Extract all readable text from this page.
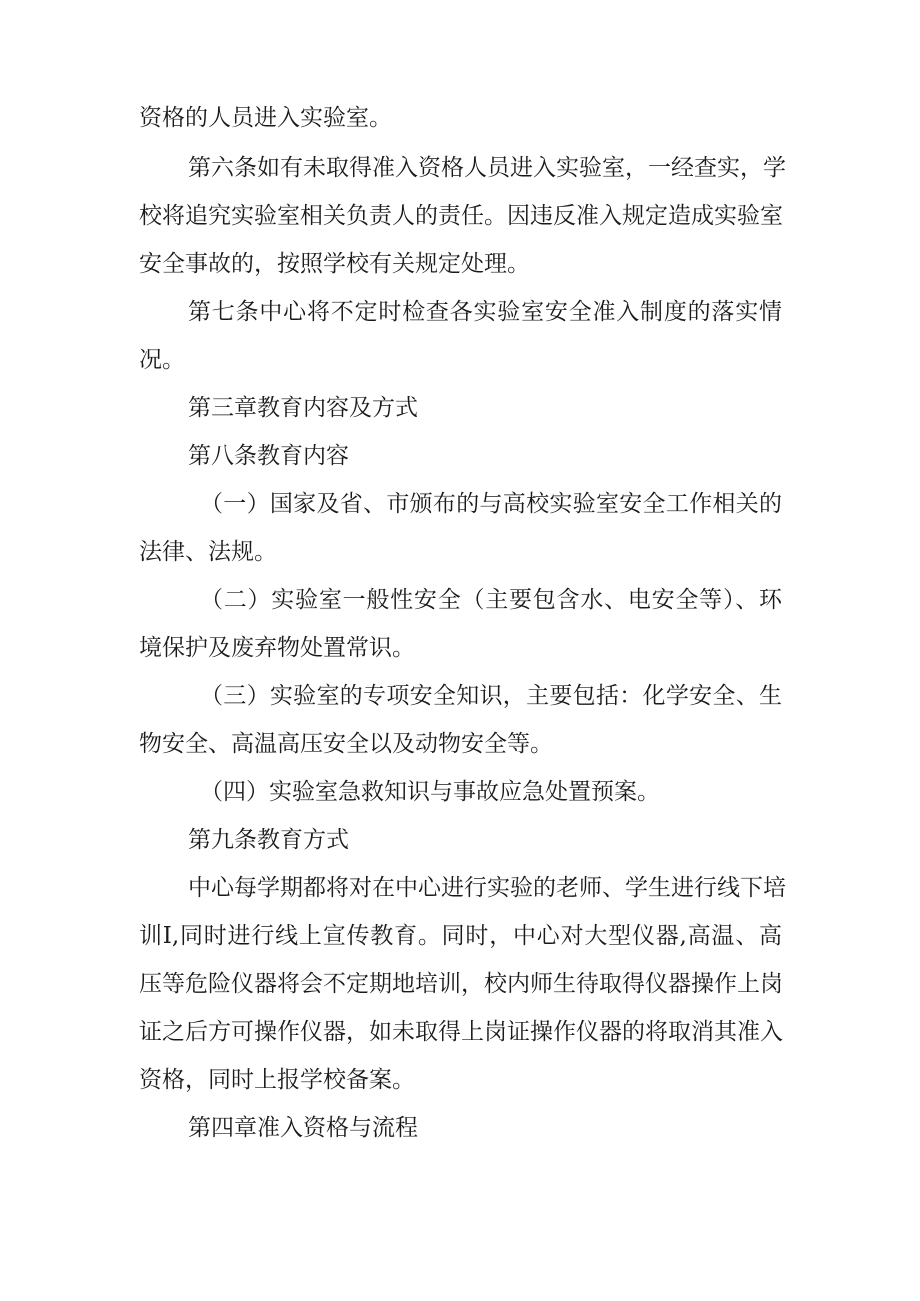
资格的人员进入实验室。
第六条如有未取得准入资格人员进入实验室，一经查实，学
校将追究实验室相关负责人的责任。因违反准入规定造成实验室
安全事故的，按照学校有关规定处理。
第七条中心将不定时检查各实验室安全准入制度的落实情
况。
第三章教育内容及方式
第八条教育内容
（一）国家及省、市颁布的与高校实验室安全工作相关的
法律、法规。
（二）实验室一般性安全（主要包含水、电安全等）、环
境保护及废弃物处置常识。
（三）实验室的专项安全知识，主要包括：化学安全、生
物安全、高温高压安全以及动物安全等。
（四）实验室急救知识与事故应急处置预案。
第九条教育方式
中心每学期都将对在中心进行实验的老师、学生进行线下培
训I,同时进行线上宣传教育。同时，中心对大型仪器,高温、高
压等危险仪器将会不定期地培训，校内师生待取得仪器操作上岗
证之后方可操作仪器，如未取得上岗证操作仪器的将取消其准入
资格，同时上报学校备案。
第四章准入资格与流程
